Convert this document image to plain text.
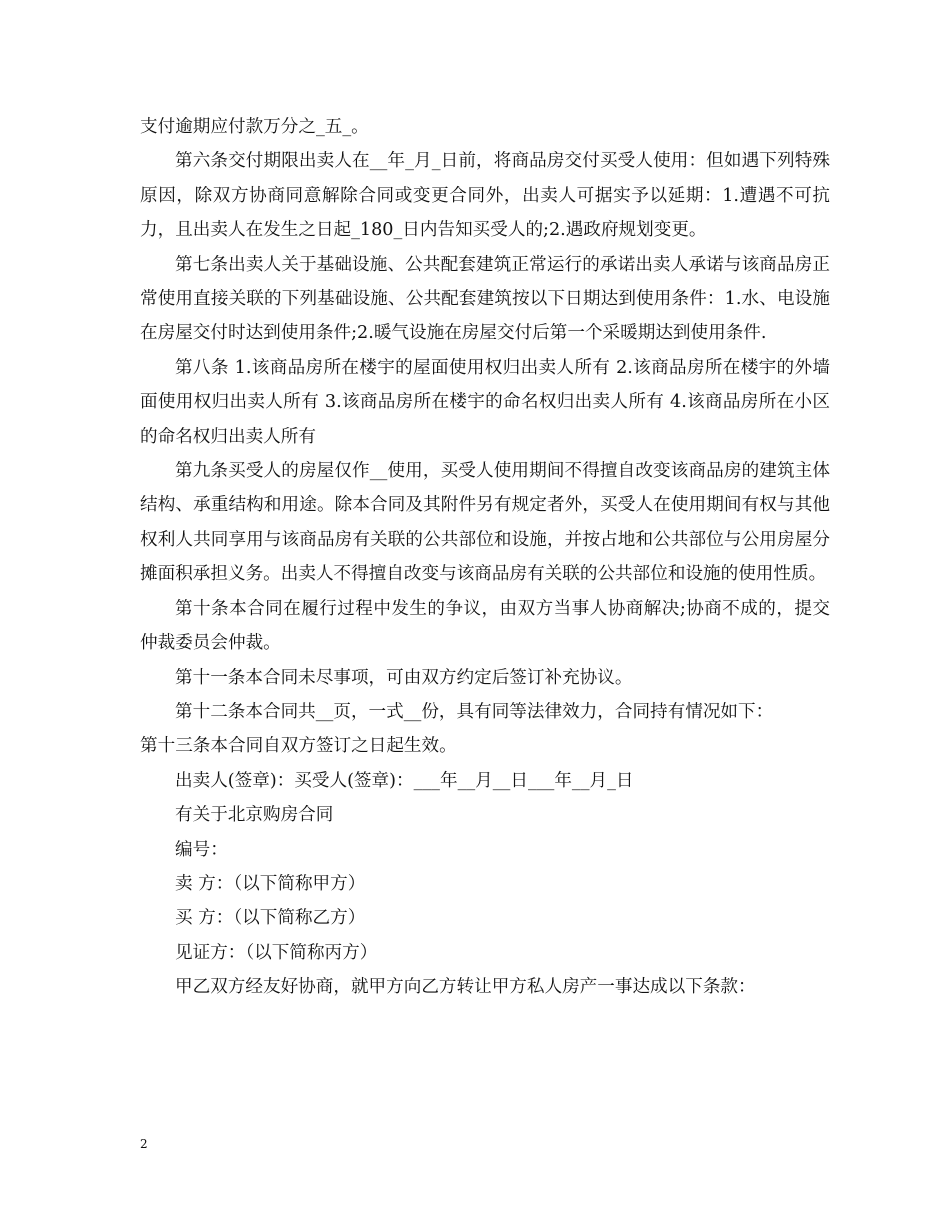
支付逾期应付款万分之_五_。

第六条交付期限出卖人在__年_月_日前，将商品房交付买受人使用：但如遇下列特殊原因，除双方协商同意解除合同或变更合同外，出卖人可据实予以延期：1.遭遇不可抗力，且出卖人在发生之日起_180_日内告知买受人的;2.遇政府规划变更。

第七条出卖人关于基础设施、公共配套建筑正常运行的承诺出卖人承诺与该商品房正常使用直接关联的下列基础设施、公共配套建筑按以下日期达到使用条件：1.水、电设施在房屋交付时达到使用条件;2.暖气设施在房屋交付后第一个采暖期达到使用条件.

第八条 1.该商品房所在楼宇的屋面使用权归出卖人所有 2.该商品房所在楼宇的外墙面使用权归出卖人所有 3.该商品房所在楼宇的命名权归出卖人所有 4.该商品房所在小区的命名权归出卖人所有

第九条买受人的房屋仅作__使用，买受人使用期间不得擅自改变该商品房的建筑主体结构、承重结构和用途。除本合同及其附件另有规定者外，买受人在使用期间有权与其他权利人共同享用与该商品房有关联的公共部位和设施，并按占地和公共部位与公用房屋分摊面积承担义务。出卖人不得擅自改变与该商品房有关联的公共部位和设施的使用性质。

第十条本合同在履行过程中发生的争议，由双方当事人协商解决;协商不成的，提交仲裁委员会仲裁。

第十一条本合同未尽事项，可由双方约定后签订补充协议。

第十二条本合同共__页，一式__份，具有同等法律效力，合同持有情况如下：

第十三条本合同自双方签订之日起生效。

出卖人(签章)：买受人(签章)：___年__月__日___年__月_日

有关于北京购房合同

编号：

卖 方：（以下简称甲方）

买 方：（以下简称乙方）

见证方：（以下简称丙方）

甲乙双方经友好协商，就甲方向乙方转让甲方私人房产一事达成以下条款：

2
